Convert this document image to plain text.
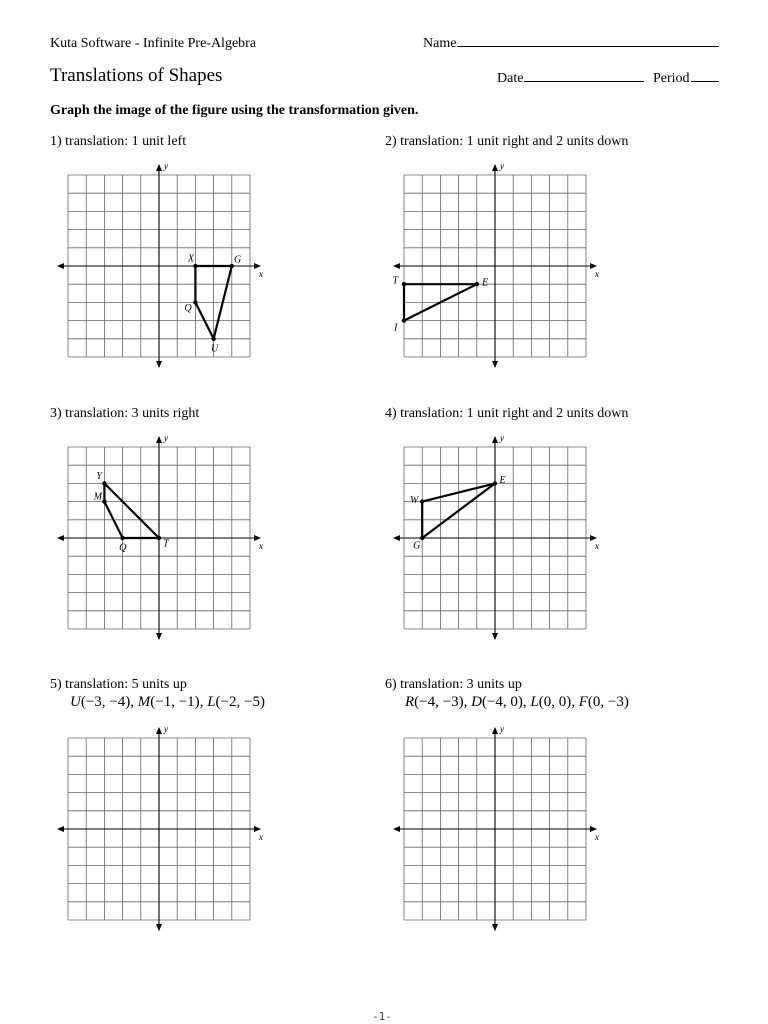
Kuta Software - Infinite Pre-Algebra	Name
Translations of Shapes	Date	Period
Graph the image of the figure using the transformation given.
1) translation: 1 unit left	2) translation: 1 unit right and 2 units down
3) translation: 3 units right	4) translation: 1 unit right and 2 units down
5) translation: 5 units up	6) translation: 3 units up
U(−3, −4), M(−1, −1), L(−2, −5)	R(−4, −3), D(−4, 0), L(0, 0), F(0, −3)
x
y
X	G
U
Q
x
y
T	E
I
x
y
Y
T
Q
M
x
y
W
E
G
x
y
x
y
-1-
